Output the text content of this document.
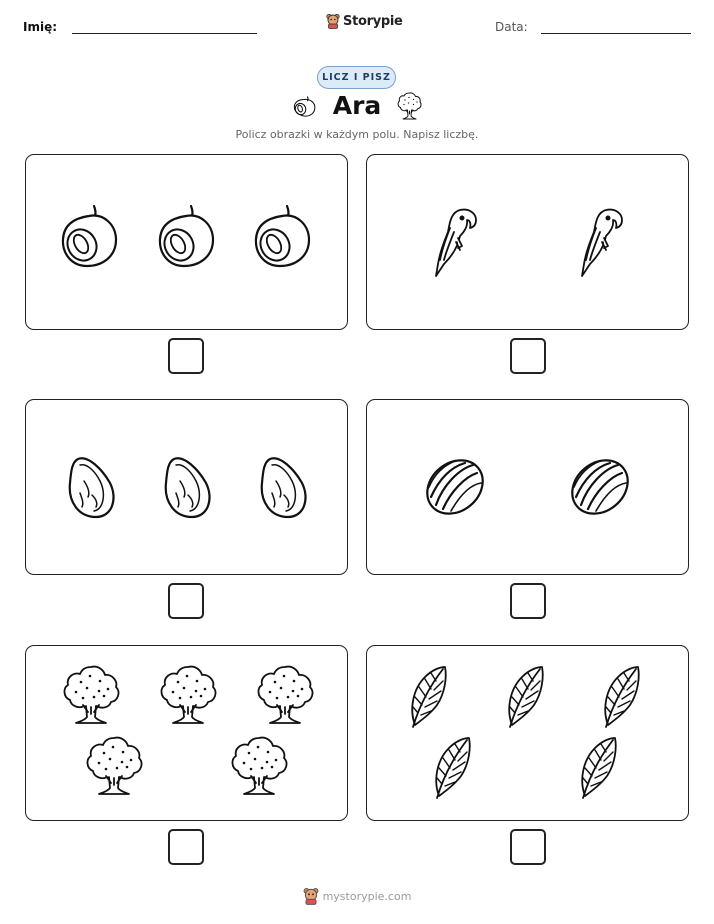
Imię:	Storypie	Data:
LICZ I PISZ
Ara
Policz obrazki w każdym polu. Napisz liczbę.
mystorypie.com
